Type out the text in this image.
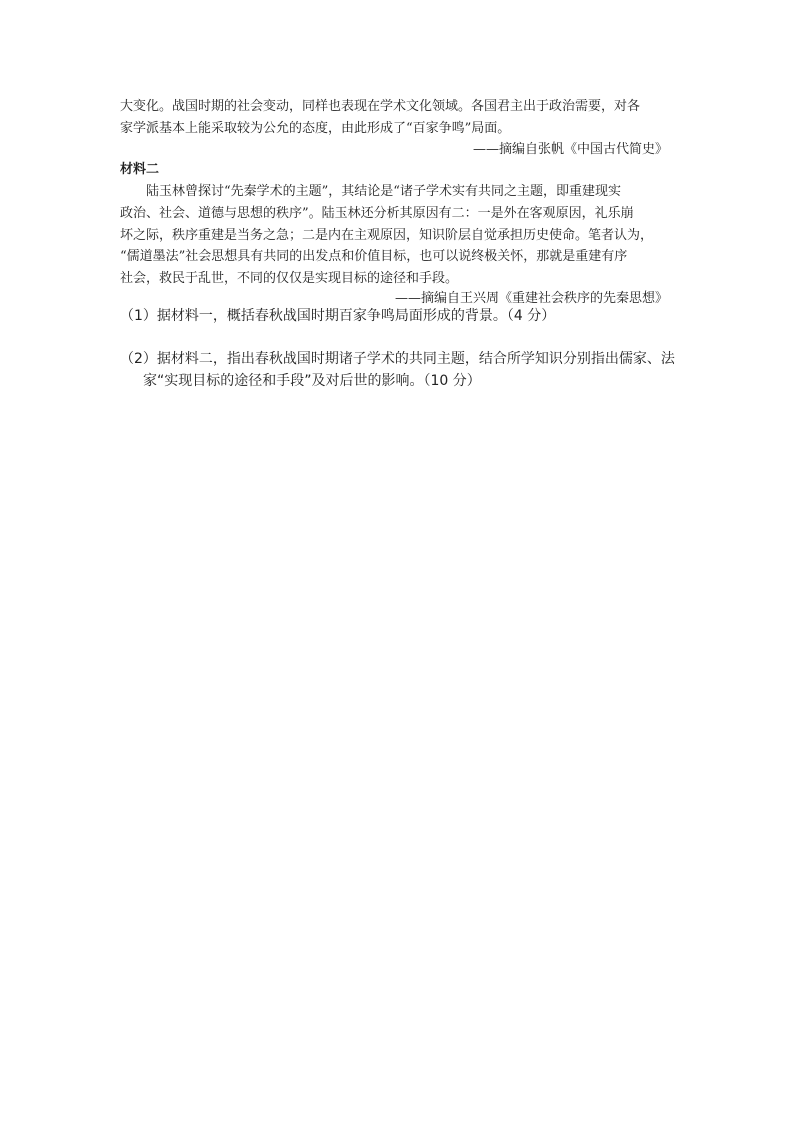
大变化。战国时期的社会变动，同样也表现在学术文化领域。各国君主出于政治需要，对各
家学派基本上能采取较为公允的态度，由此形成了“百家争鸣”局面。
——摘编自张帆《中国古代简史》
材料二
陆玉林曾探讨“先秦学术的主题”，其结论是“诸子学术实有共同之主题，即重建现实
政治、社会、道德与思想的秩序”。陆玉林还分析其原因有二：一是外在客观原因，礼乐崩
坏之际，秩序重建是当务之急；二是内在主观原因，知识阶层自觉承担历史使命。笔者认为，
“儒道墨法”社会思想具有共同的出发点和价值目标，也可以说终极关怀，那就是重建有序
社会，救民于乱世，不同的仅仅是实现目标的途径和手段。
——摘编自王兴周《重建社会秩序的先秦思想》
（1）据材料一，概括春秋战国时期百家争鸣局面形成的背景。（4 分）
（2）据材料二，指出春秋战国时期诸子学术的共同主题，结合所学知识分别指出儒家、法
家“实现目标的途径和手段”及对后世的影响。（10 分）
